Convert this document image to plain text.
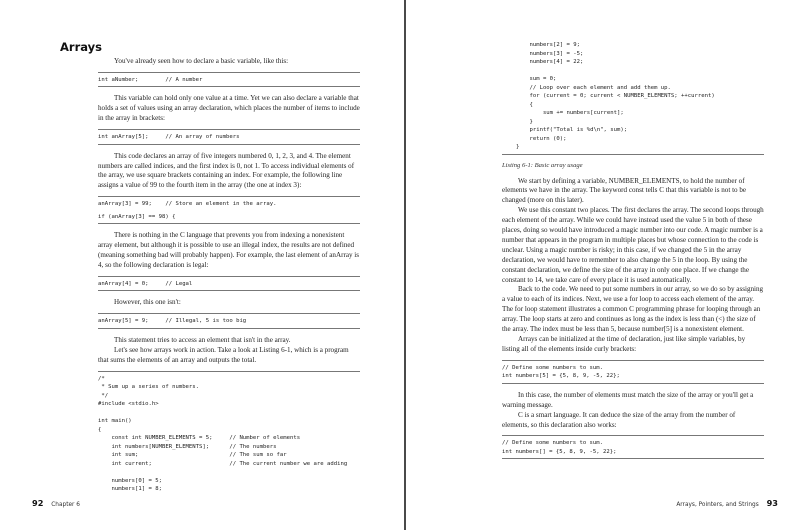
Arrays

You've already seen how to declare a basic variable, like this:

int aNumber;        // A number

This variable can hold only one value at a time. Yet we can also declare a variable that holds a set of values using an array declaration, which places the number of items to include in the array in brackets:

int anArray[5];     // An array of numbers

This code declares an array of five integers numbered 0, 1, 2, 3, and 4. The element numbers are called indices, and the first index is 0, not 1. To access individual elements of the array, we use square brackets containing an index. For example, the following line assigns a value of 99 to the fourth item in the array (the one at index 3):

anArray[3] = 99;    // Store an element in the array.
if (anArray[3] == 98) {

There is nothing in the C language that prevents you from indexing a nonexistent array element, but although it is possible to use an illegal index, the results are not defined (meaning something bad will probably happen). For example, the last element of anArray is 4, so the following declaration is legal:

anArray[4] = 0;     // Legal

However, this one isn't:

anArray[5] = 9;     // Illegal, 5 is too big

This statement tries to access an element that isn't in the array.

Let's see how arrays work in action. Take a look at Listing 6-1, which is a program that sums the elements of an array and outputs the total.

/*
* Sum up a series of numbers.
*/
#include <stdio.h>

int main()
{
const int NUMBER_ELEMENTS = 5;     // Number of elements
int numbers[NUMBER_ELEMENTS];      // The numbers
int sum;                           // The sum so far
int current;                       // The current number we are adding

numbers[0] = 5;
numbers[1] = 8;
92 Chapter 6
numbers[2] = 9;
numbers[3] = -5;
numbers[4] = 22;

sum = 0;
// Loop over each element and add them up.
for (current = 0; current < NUMBER_ELEMENTS; ++current)
{
sum += numbers[current];
}
printf("Total is %d\n", sum);
return (0);
}
Listing 6-1: Basic array usage

We start by defining a variable, NUMBER_ELEMENTS, to hold the number of elements we have in the array. The keyword const tells C that this variable is not to be changed (more on this later).

We use this constant two places. The first declares the array. The second loops through each element of the array. While we could have instead used the value 5 in both of these places, doing so would have introduced a magic number into our code. A magic number is a number that appears in the program in multiple places but whose connection to the code is unclear. Using a magic number is risky; in this case, if we changed the 5 in the array declaration, we would have to remember to also change the 5 in the loop. By using the constant declaration, we define the size of the array in only one place. If we change the constant to 14, we take care of every place it is used automatically.

Back to the code. We need to put some numbers in our array, so we do so by assigning a value to each of its indices. Next, we use a for loop to access each element of the array. The for loop statement illustrates a common C programming phrase for looping through an array. The loop starts at zero and continues as long as the index is less than (<) the size of the array. The index must be less than 5, because number[5] is a nonexistent element.

Arrays can be initialized at the time of declaration, just like simple variables, by listing all of the elements inside curly brackets:

// Define some numbers to sum.
int numbers[5] = {5, 8, 9, -5, 22};

In this case, the number of elements must match the size of the array or you'll get a warning message.

C is a smart language. It can deduce the size of the array from the number of elements, so this declaration also works:

// Define some numbers to sum.
int numbers[] = {5, 8, 9, -5, 22};
Arrays, Pointers, and Strings 93
